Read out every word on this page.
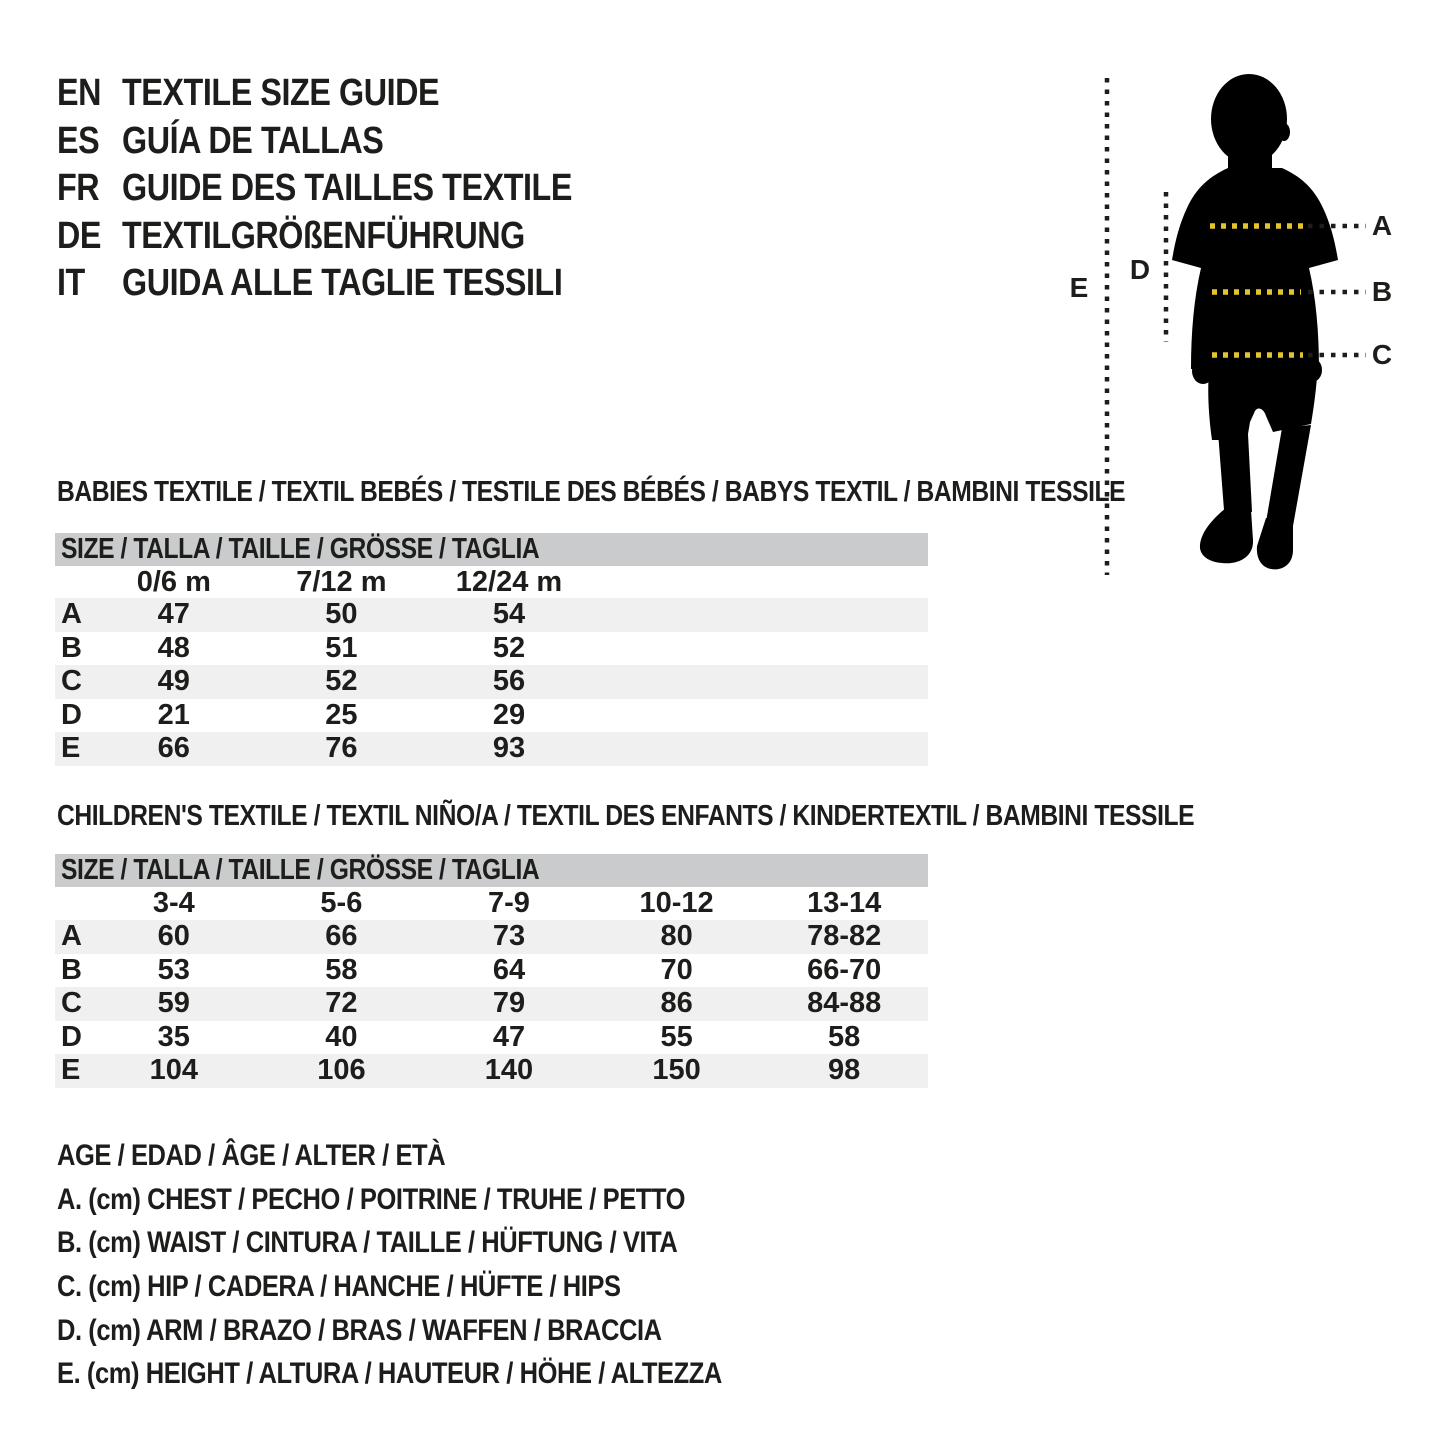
EN TEXTILE SIZE GUIDE
ES GUÍA DE TALLAS
FR GUIDE DES TAILLES TEXTILE
DE TEXTILGRÖßENFÜHRUNG
IT GUIDA ALLE TAGLIE TESSILI
A
B
C
D
E
BABIES TEXTILE / TEXTIL BEBÉS / TESTILE DES BÉBÉS / BABYS TEXTIL / BAMBINI TESSILE
SIZE / TALLA / TAILLE / GRÖSSE / TAGLIA
0/6 m	7/12 m	12/24 m
A	47	50	54
B	48	51	52
C	49	52	56
D	21	25	29
E	66	76	93
CHILDREN'S TEXTILE / TEXTIL NIÑO/A / TEXTIL DES ENFANTS / KINDERTEXTIL / BAMBINI TESSILE
SIZE / TALLA / TAILLE / GRÖSSE / TAGLIA
3-4	5-6	7-9	10-12	13-14
A	60	66	73	80	78-82
B	53	58	64	70	66-70
C	59	72	79	86	84-88
D	35	40	47	55	58
E	104	106	140	150	98
AGE / EDAD / ÂGE / ALTER / ETÀ
A. (cm) CHEST / PECHO / POITRINE / TRUHE / PETTO
B. (cm) WAIST / CINTURA / TAILLE / HÜFTUNG / VITA
C. (cm) HIP / CADERA / HANCHE / HÜFTE / HIPS
D. (cm) ARM / BRAZO / BRAS / WAFFEN / BRACCIA
E. (cm) HEIGHT / ALTURA / HAUTEUR / HÖHE / ALTEZZA
